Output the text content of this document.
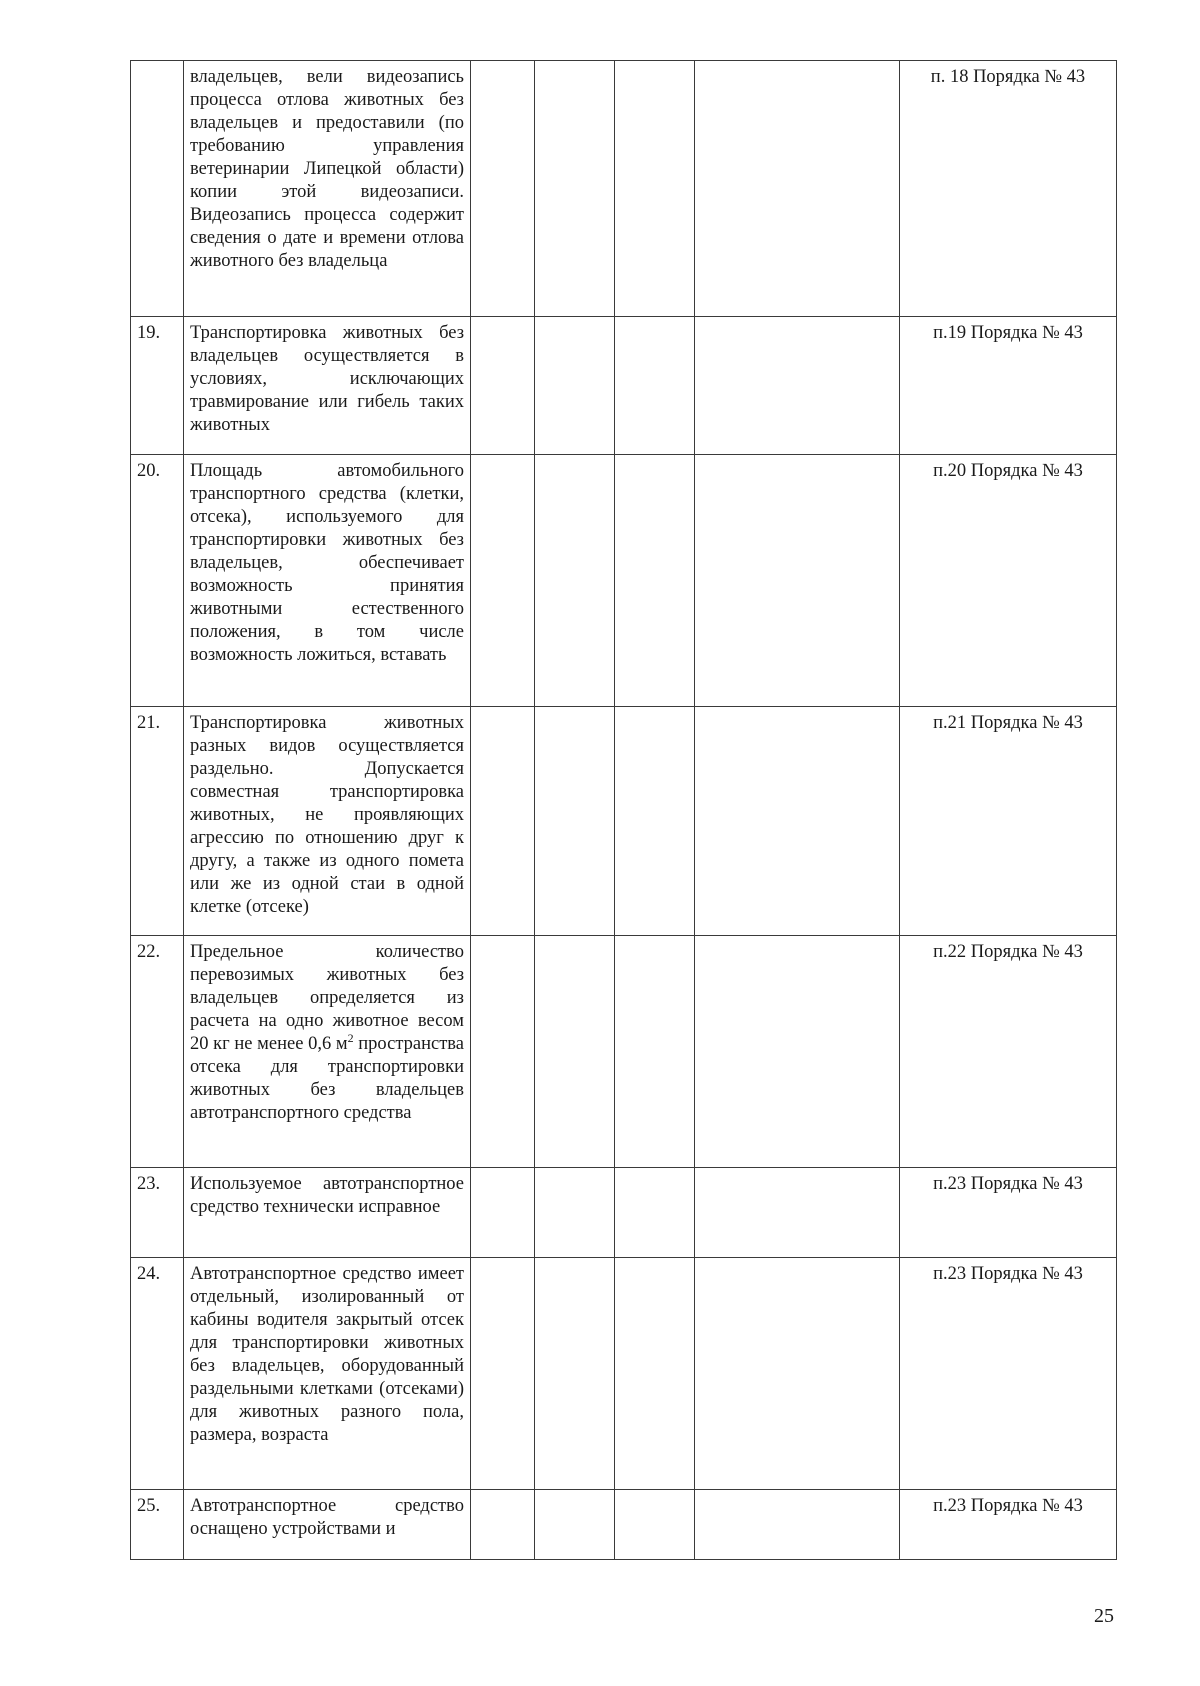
	владельцев, вели видеозапись процесса отлова животных без владельцев и предоставили (по требованию управления ветеринарии Липецкой области) копии этой видеозаписи. Видеозапись процесса содержит сведения о дате и времени отлова животного без владельца					п. 18 Порядка № 43
19.	Транспортировка животных без владельцев осуществляется в условиях, исключающих травмирование или гибель таких животных					п.19 Порядка № 43
20.	Площадь автомобильного транспортного средства (клетки, отсека), используемого для транспортировки животных без владельцев, обеспечивает возможность принятия животными естественного положения, в том числе возможность ложиться, вставать					п.20 Порядка № 43
21.	Транспортировка животных разных видов осуществляется раздельно. Допускается совместная транспортировка животных, не проявляющих агрессию по отношению друг к другу, а также из одного помета или же из одной стаи в одной клетке (отсеке)					п.21 Порядка № 43
22.	Предельное количество перевозимых животных без владельцев определяется из расчета на одно животное весом 20 кг не менее 0,6 $м^2$ пространства отсека для транспортировки животных без владельцев автотранспортного средства					п.22 Порядка № 43
23.	Используемое автотранспортное средство технически исправное					п.23 Порядка № 43
24.	Автотранспортное средство имеет отдельный, изолированный от кабины водителя закрытый отсек для транспортировки животных без владельцев, оборудованный раздельными клетками (отсеками) для животных разного пола, размера, возраста					п.23 Порядка № 43
25.	Автотранспортное средство оснащено устройствами и					п.23 Порядка № 43
25
